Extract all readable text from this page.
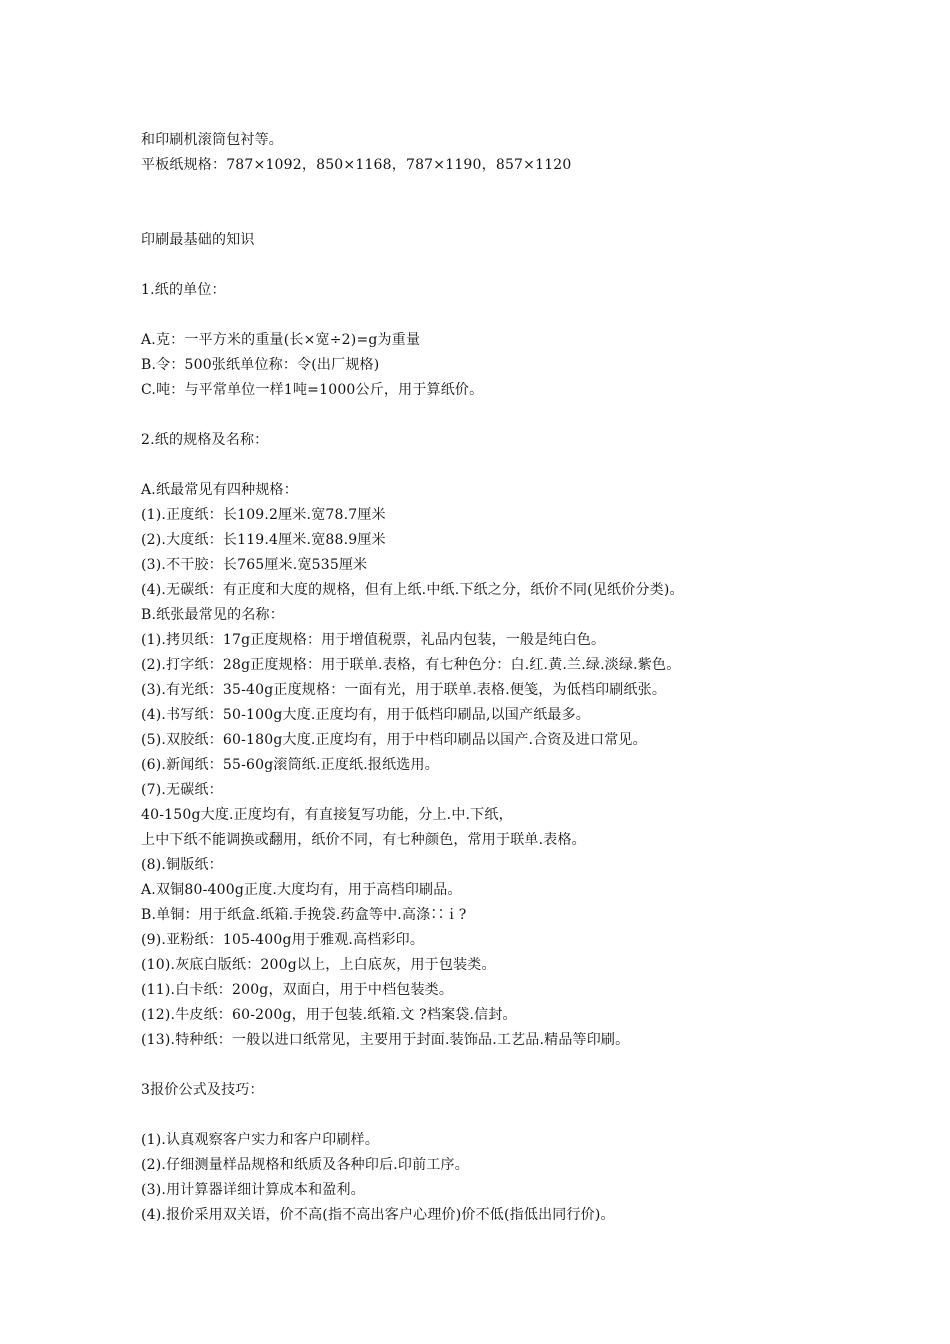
和印刷机滚筒包衬等。
平板纸规格：787×1092，850×1168，787×1190，857×1120
印刷最基础的知识
1.纸的单位：
A.克：一平方米的重量(长×宽÷2)=g为重量
B.令：500张纸单位称：令(出厂规格)
C.吨：与平常单位一样1吨=1000公斤，用于算纸价。
2.纸的规格及名称：
A.纸最常见有四种规格：
(1).正度纸：长109.2厘米.宽78.7厘米
(2).大度纸：长119.4厘米.宽88.9厘米
(3).不干胶：长765厘米.宽535厘米
(4).无碳纸：有正度和大度的规格，但有上纸.中纸.下纸之分，纸价不同(见纸价分类)。
B.纸张最常见的名称：
(1).拷贝纸：17g正度规格：用于增值税票，礼品内包装，一般是纯白色。
(2).打字纸：28g正度规格：用于联单.表格，有七种色分：白.红.黄.兰.绿.淡绿.紫色。
(3).有光纸：35-40g正度规格：一面有光，用于联单.表格.便笺，为低档印刷纸张。
(4).书写纸：50-100g大度.正度均有，用于低档印刷品,以国产纸最多。
(5).双胶纸：60-180g大度.正度均有，用于中档印刷品以国产.合资及进口常见。
(6).新闻纸：55-60g滚筒纸.正度纸.报纸选用。
(7).无碳纸：
40-150g大度.正度均有，有直接复写功能，分上.中.下纸，
上中下纸不能调换或翻用，纸价不同，有七种颜色，常用于联单.表格。
(8).铜版纸：
A.双铜80-400g正度.大度均有，用于高档印刷品。
B.单铜：用于纸盒.纸箱.手挽袋.药盒等中.高涤∷ｉ?
(9).亚粉纸：105-400g用于雅观.高档彩印。
(10).灰底白版纸：200g以上，上白底灰，用于包装类。
(11).白卡纸：200g，双面白，用于中档包装类。
(12).牛皮纸：60-200g，用于包装.纸箱.文 ?档案袋.信封。
(13).特种纸：一般以进口纸常见，主要用于封面.装饰品.工艺品.精品等印刷。
3报价公式及技巧：
(1).认真观察客户实力和客户印刷样。
(2).仔细测量样品规格和纸质及各种印后.印前工序。
(3).用计算器详细计算成本和盈利。
(4).报价采用双关语，价不高(指不高出客户心理价)价不低(指低出同行价)。
